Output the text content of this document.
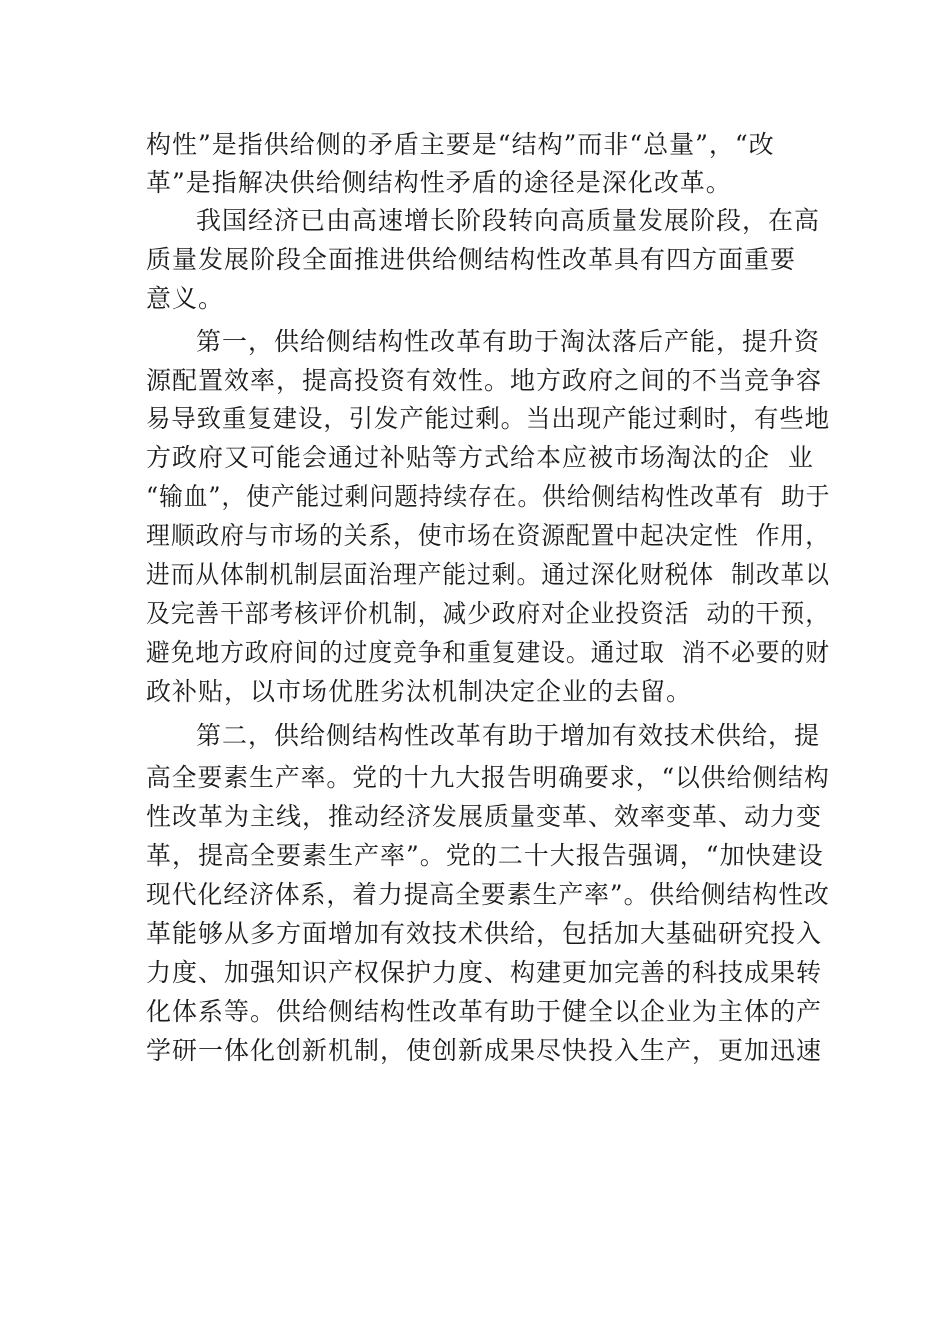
构性”是指供给侧的矛盾主要是“结构”而非“总量”，“改
革”是指解决供给侧结构性矛盾的途径是深化改革。
我国经济已由高速增长阶段转向高质量发展阶段，在高
质量发展阶段全面推进供给侧结构性改革具有四方面重要
意义。
第一，供给侧结构性改革有助于淘汰落后产能，提升资
源配置效率，提高投资有效性。地方政府之间的不当竞争容
易导致重复建设，引发产能过剩。当出现产能过剩时，有些地
方政府又可能会通过补贴等方式给本应被市场淘汰的企  业
“输血”，使产能过剩问题持续存在。供给侧结构性改革有  助于
理顺政府与市场的关系，使市场在资源配置中起决定性  作用，
进而从体制机制层面治理产能过剩。通过深化财税体  制改革以
及完善干部考核评价机制，减少政府对企业投资活  动的干预，
避免地方政府间的过度竞争和重复建设。通过取  消不必要的财
政补贴，以市场优胜劣汰机制决定企业的去留。
第二，供给侧结构性改革有助于增加有效技术供给，提
高全要素生产率。党的十九大报告明确要求，“以供给侧结构
性改革为主线，推动经济发展质量变革、效率变革、动力变
革，提高全要素生产率”。党的二十大报告强调，“加快建设
现代化经济体系，着力提高全要素生产率”。供给侧结构性改
革能够从多方面增加有效技术供给，包括加大基础研究投入
力度、加强知识产权保护力度、构建更加完善的科技成果转
化体系等。供给侧结构性改革有助于健全以企业为主体的产
学研一体化创新机制，使创新成果尽快投入生产，更加迅速
